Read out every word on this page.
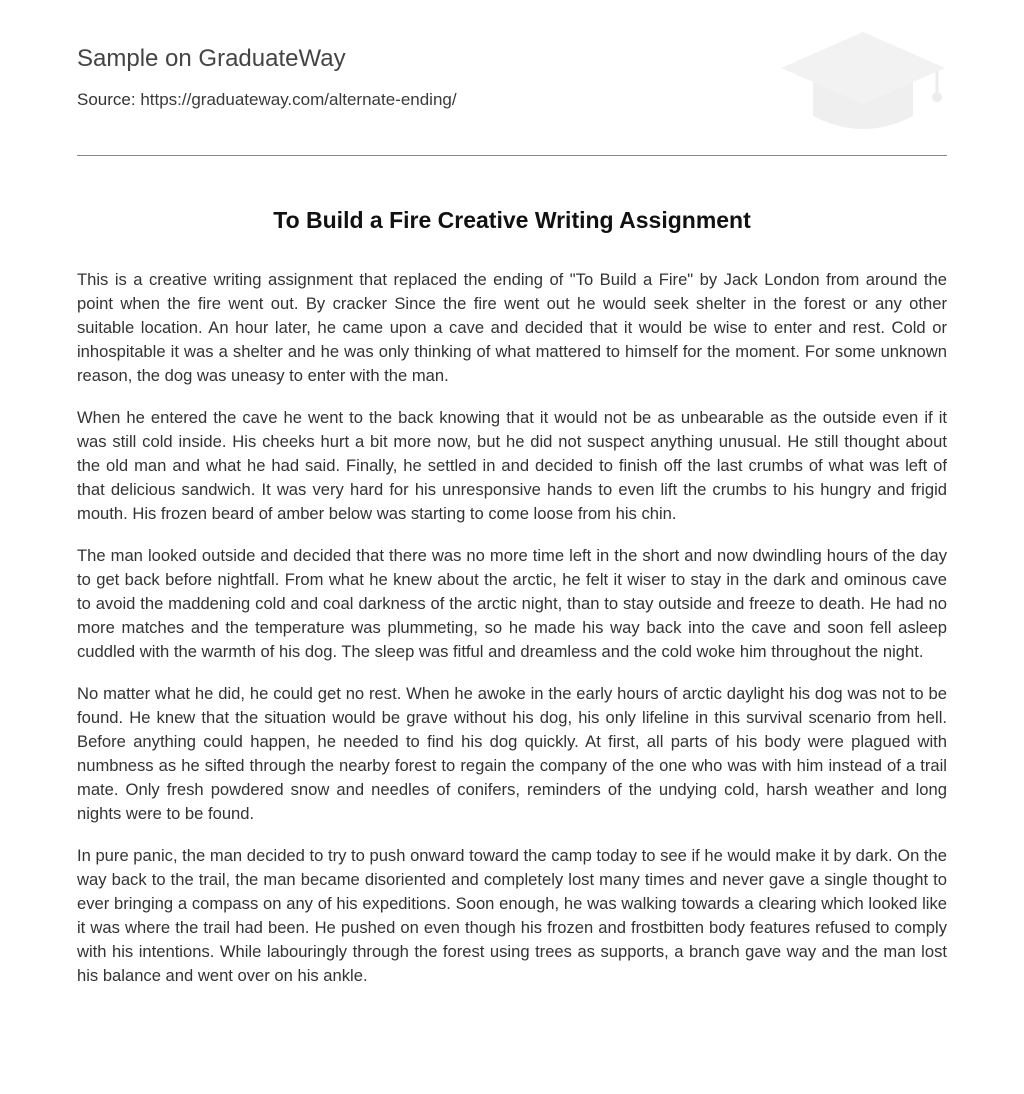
Sample on GraduateWay
Source: https://graduateway.com/alternate-ending/
To Build a Fire Creative Writing Assignment

This is a creative writing assignment that replaced the ending of "To Build a Fire" by Jack London from around the point when the fire went out. By cracker Since the fire went out he would seek shelter in the forest or any other suitable location. An hour later, he came upon a cave and decided that it would be wise to enter and rest. Cold or inhospitable it was a shelter and he was only thinking of what mattered to himself for the moment. For some unknown reason, the dog was uneasy to enter with the man.

When he entered the cave he went to the back knowing that it would not be as unbearable as the outside even if it was still cold inside. His cheeks hurt a bit more now, but he did not suspect anything unusual. He still thought about the old man and what he had said. Finally, he settled in and decided to finish off the last crumbs of what was left of that delicious sandwich. It was very hard for his unresponsive hands to even lift the crumbs to his hungry and frigid mouth. His frozen beard of amber below was starting to come loose from his chin.

The man looked outside and decided that there was no more time left in the short and now dwindling hours of the day to get back before nightfall. From what he knew about the arctic, he felt it wiser to stay in the dark and ominous cave to avoid the maddening cold and coal darkness of the arctic night, than to stay outside and freeze to death. He had no more matches and the temperature was plummeting, so he made his way back into the cave and soon fell asleep cuddled with the warmth of his dog. The sleep was fitful and dreamless and the cold woke him throughout the night.

No matter what he did, he could get no rest. When he awoke in the early hours of arctic daylight his dog was not to be found. He knew that the situation would be grave without his dog, his only lifeline in this survival scenario from hell. Before anything could happen, he needed to find his dog quickly. At first, all parts of his body were plagued with numbness as he sifted through the nearby forest to regain the company of the one who was with him instead of a trail mate. Only fresh powdered snow and needles of conifers, reminders of the undying cold, harsh weather and long nights were to be found.

In pure panic, the man decided to try to push onward toward the camp today to see if he would make it by dark. On the way back to the trail, the man became disoriented and completely lost many times and never gave a single thought to ever bringing a compass on any of his expeditions. Soon enough, he was walking towards a clearing which looked like it was where the trail had been. He pushed on even though his frozen and frostbitten body features refused to comply with his intentions. While labouringly through the forest using trees as supports, a branch gave way and the man lost his balance and went over on his ankle.
